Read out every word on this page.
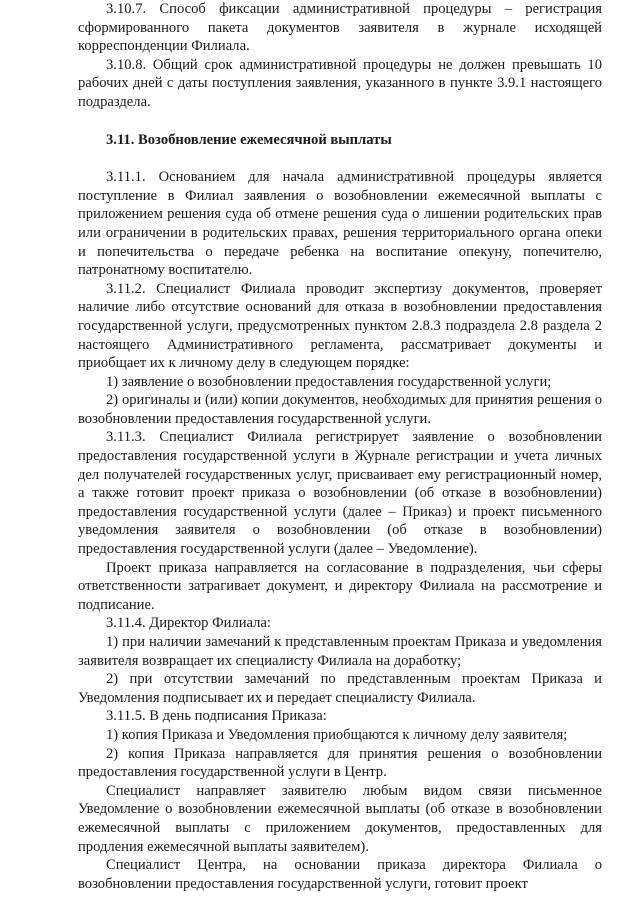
3.10.7. Способ фиксации административной процедуры – регистрация сформированного пакета документов заявителя в журнале исходящей корреспонденции Филиала.

3.10.8. Общий срок административной процедуры не должен превышать 10 рабочих дней с даты поступления заявления, указанного в пункте 3.9.1 настоящего подраздела.

3.11. Возобновление ежемесячной выплаты

3.11.1. Основанием для начала административной процедуры является поступление в Филиал заявления о возобновлении ежемесячной выплаты с приложением решения суда об отмене решения суда о лишении родительских прав или ограничении в родительских правах, решения территориального органа опеки и попечительства о передаче ребенка на воспитание опекуну, попечителю, патронатному воспитателю.

3.11.2. Специалист Филиала проводит экспертизу документов, проверяет наличие либо отсутствие оснований для отказа в возобновлении предоставления государственной услуги, предусмотренных пунктом 2.8.3 подраздела 2.8 раздела 2 настоящего Административного регламента, рассматривает документы и приобщает их к личному делу в следующем порядке:

1) заявление о возобновлении предоставления государственной услуги;

2) оригиналы и (или) копии документов, необходимых для принятия решения о возобновлении предоставления государственной услуги.

3.11.3. Специалист Филиала регистрирует заявление о возобновлении предоставления государственной услуги в Журнале регистрации и учета личных дел получателей государственных услуг, присваивает ему регистрационный номер, а также готовит проект приказа о возобновлении (об отказе в возобновлении) предоставления государственной услуги (далее – Приказ) и проект письменного уведомления заявителя о возобновлении (об отказе в возобновлении) предоставления государственной услуги (далее – Уведомление).

Проект приказа направляется на согласование в подразделения, чьи сферы ответственности затрагивает документ, и директору Филиала на рассмотрение и подписание.

3.11.4. Директор Филиала:

1) при наличии замечаний к представленным проектам Приказа и уведомления заявителя возвращает их специалисту Филиала на доработку;

2) при отсутствии замечаний по представленным проектам Приказа и Уведомления подписывает их и передает специалисту Филиала.

3.11.5. В день подписания Приказа:

1) копия Приказа и Уведомления приобщаются к личному делу заявителя;

2) копия Приказа направляется для принятия решения о возобновлении предоставления государственной услуги в Центр.

Специалист направляет заявителю любым видом связи письменное Уведомление о возобновлении ежемесячной выплаты (об отказе в возобновлении ежемесячной выплаты с приложением документов, предоставленных для продления ежемесячной выплаты заявителем).

Специалист Центра, на основании приказа директора Филиала о возобновлении предоставления государственной услуги, готовит проект
